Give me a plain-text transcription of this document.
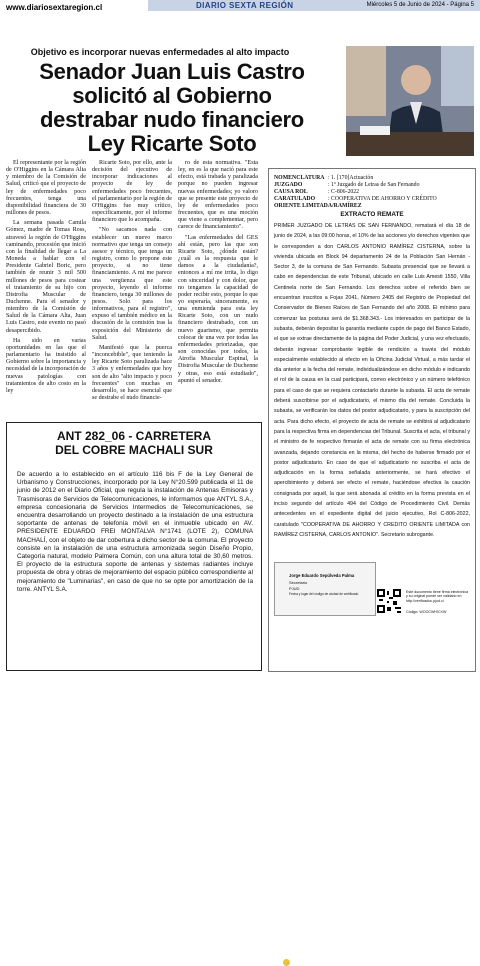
www.diariosextaregion.cl	DIARIO SEXTA REGIÓN	Miércoles 5 de Junio de 2024 - Página 5
Objetivo es incorporar nuevas enfermedades al alto impacto
Senador Juan Luis Castro
solicitó al Gobierno
destrabar nudo financiero
Ley Ricarte Soto

El representante por la región de O'Higgins en la Cámara Alta y miembro de la Comisión de Salud, criticó que el proyecto de ley de enfermedades poco frecuentes, tenga una disponibilidad financiera de 30 millones de pesos.

La semana pasada Camila Gómez, madre de Tomas Ross, atravesó la región de O'Higgins caminando, procesión que inició con la finalidad de llegar a La Moneda a hablar con el Presidente Gabriel Boric, pero también de reunir 3 mil 500 millones de pesos para costear el tratamiento de su hijo con Distrofia Muscular de Duchenne. Para el senador y miembro de la Comisión de Salud de la Cámara Alta, Juan Luis Castro, este evento no pasó desapercibido.

Ha sido en varias oportunidades en las que el parlamentario ha insistido al Gobierno sobre la importancia y necesidad de la incorporación de nuevas patologías con tratamientos de alto costo en la ley

Ricarte Soto, por ello, ante la decisión del ejecutivo de incorporar indicaciones al proyecto de ley de enfermedades poco frecuentes, el parlamentario por la región de O'Higgins fue muy crítico, específicamente, por el informe financiero que lo acompaña.

"No sacamos nada con establecer un nuevo marco normativo que tenga un consejo asesor y técnico, que tenga un registro, como lo propone este proyecto, si no tiene financiamiento. A mi me parece una vergüenza que este proyecto, leyendo el informe financiero, tenga 30 millones de pesos. Solo para los informativos, para el registro", expuso el también médico en la discusión de la comisión tras la exposición del Ministerio de Salud.

Manifestó que la puerca "inconcebible", que teniendo la ley Ricarte Soto paralizada hace 3 años y enfermedades que hoy son de alto "alto impacto y poco frecuentes" con muchas en desarrollo, se hace esencial que se destrabe el nudo financie-

ro de esta normativa. "Esta ley, en es la que nació para este efecto, está trabada y paralizada porque no pueden ingresar nuevas enfermedades; yo valoro que se presente este proyecto de ley de enfermedades poco frecuentes, que es una moción que viene a complementar, pero carece de financiamiento".

"Las enfermedades del GES ahí están, pero las que son Ricarte Soto, ¿dónde están? ¿cuál es la respuesta que le damos a la ciudadanía?, entonces a mí me irrita, lo digo con sinceridad y con dolor, que no tengamos la capacidad de poder recibir esto, porque lo que yo esperaría, sinceramente, es una enmienda para esta ley Ricarte Soto, con un nudo financiero destrabado, con un nuevo guarismo, que permita colocar de una vez por todas las enfermedades priorizadas, que son conocidas por todos, la Atrofia Muscular Espinal, la Distrofia Muscular de Duchenne y otras, eso está estudiado", apuntó el senador.

ANT 282_06 - CARRETERA
DEL COBRE MACHALI SUR
De acuerdo a lo establecido en el artículo 116 bis F de la Ley General de Urbanismo y Construcciones, incorporado por la Ley N°20.599 publicada el 11 de junio de 2012 en el Diario Oficial, que regula la instalación de Antenas Emisoras y Trasmisoras de Servicios de Telecomunicaciones, le informamos que ANTYL S.A., empresa concesionaria de Servicios Intermedios de Telecomunicaciones, se encuentra desarrollando un proyecto destinado a la instalación de una estructura soportante de antenas de telefonía móvil en el inmueble ubicado en AV. PRESIDENTE EDUARDO FREI MONTALVA N°1741 (LOTE 2), COMUNA MACHALÍ, con el objeto de dar cobertura a dicho sector de la comuna. El proyecto consiste en la instalación de una estructura armonizada según Diseño Propio, Categoría natural, modelo Palmera Común, con una altura total de 30,60 metros. El proyecto de la estructura soporte de antenas y sistemas radiantes incluye propuesta de obra y obras de mejoramiento del espacio público correspondiente al mejoramiento de "Luminarias", en caso de que no se opte por amortización de la torre. ANTYL S.A.
NOMENCLATURA : 1. [170]Actuación
JUZGADO	: 1º Juzgado de Letras de San Fernando
CAUSA ROL	: C-806-2022
CARATULADO : COOPERATIVA DE AHORRO Y CRÉDITO
ORIENTE LIMITADA/RAMÍREZ
EXTRACTO REMATE
PRIMER JUZGADO DE LETRAS DE SAN FERNANDO, rematará el día 18 de junio de 2024, a las 09:00 horas, el 10% de las acciones y/o derechos vigentes que le corresponden a don CARLOS ANTONIO RAMÍREZ CISTERNA, sobre la vivienda ubicada en Block 94 departamento 24 de la Población San Hernán -Sector 3, de la comuna de San Fernando. Subasta presencial que se llevará a cabo en dependencias de este Tribunal, ubicado en calle Luis Amesti 1550, Villa Centinela norte de San Fernando. Los derechos sobre el referido bien se encuentran inscritos a Fojas 2041, Número 2405 del Registro de Propiedad del Conservador de Bienes Raíces de San Fernando del año 2008. El mínimo para comenzar las posturas será de $1.368.343.- Los interesados en participar de la subasta, deberán depositar la garantía mediante cupón de pago del Banco Estado, el que se extrae directamente de la página del Poder Judicial, y una vez efectuado, deberán ingresar comprobante legible de rendición a través del módulo especialmente establecido al efecto en la Oficina Judicial Virtual, a más tardar el día anterior a la fecha del remate, individualizándose en dicho módulo e indicando el rol de la causa en la cual participará, correo electrónico y un número telefónico para el caso de que se requiera contactarlo durante la subasta. El acta de remate deberá suscribirse por el adjudicatario, el mismo día del remate. Concluida la subasta, se verificarán los datos del postor adjudicatario, y para la suscripción del acta. Para dicho efecto, el proyecto de acta de remate se exhibirá al adjudicatario para la respectiva firma en dependencias del Tribunal. Suscrita el acta, el tribunal y el ministro de fe respectivo firmarán el acta de remate con su firma electrónica avanzada, dejando constancia en la misma, del hecho de haberse firmado por el postor adjudicatario. En caso de que el adjudicatario no suscriba el acta de adjudicación en la forma señalada anteriormente, se hará efectivo el apercibimiento y deberá ser efecto el remate, haciéndose efectiva la caución consignada por aquél, la que será abonada al crédito en la forma prevista en el inciso segundo del artículo 494 del Código de Procedimiento Civil. Demás antecedentes en el expediente digital del juicio ejecutivo, Rol C-806-2022, caratulado "COOPERATIVA DE AHORRO Y CREDITO ORIENTE LIMITADA con RAMÍREZ CISTERNA, CARLOS ANTONIO". Secretario subrogante.
Jorge Eduardo Sepúlveda Palma
Secretario
PJUD
Fecha y lugar del código de ciudad de certificado	Este documento tiene firma electrónica y su original puede ser validado en http://verificadoc.pjud.cl
Código: WOOCWHICXW
